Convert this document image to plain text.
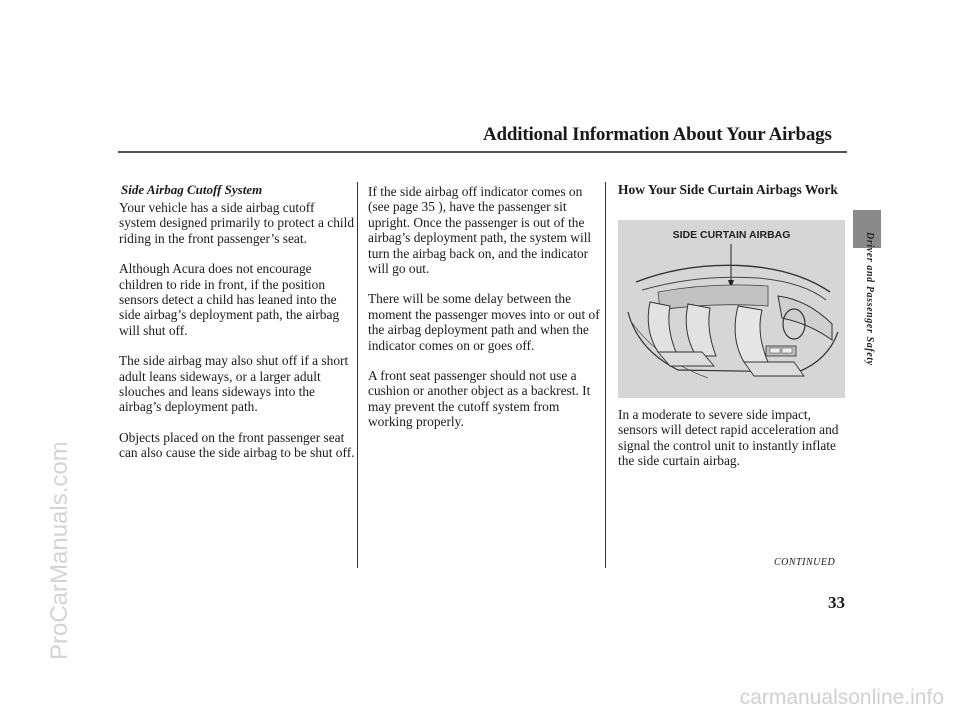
Additional Information About Your Airbags
Side Airbag Cutoff System

Your vehicle has a side airbag cutoff system designed primarily to protect a child riding in the front passenger’s seat.

Although Acura does not encourage children to ride in front, if the position sensors detect a child has leaned into the side airbag’s deployment path, the airbag will shut off.

The side airbag may also shut off if a short adult leans sideways, or a larger adult slouches and leans sideways into the airbag’s deployment path.

Objects placed on the front passenger seat can also cause the side airbag to be shut off.

If the side airbag off indicator comes on (see page 35 ), have the passenger sit upright. Once the passenger is out of the airbag’s deployment path, the system will turn the airbag back on, and the indicator will go out.

There will be some delay between the moment the passenger moves into or out of the airbag deployment path and when the indicator comes on or goes off.

A front seat passenger should not use a cushion or another object as a backrest. It may prevent the cutoff system from working properly.

How Your Side Curtain Airbags Work
SIDE CURTAIN AIRBAG

In a moderate to severe side impact, sensors will detect rapid acceleration and signal the control unit to instantly inflate the side curtain airbag.

Driver and Passenger Safety
CONTINUED
33
ProCarManuals.com
carmanualsonline.info
